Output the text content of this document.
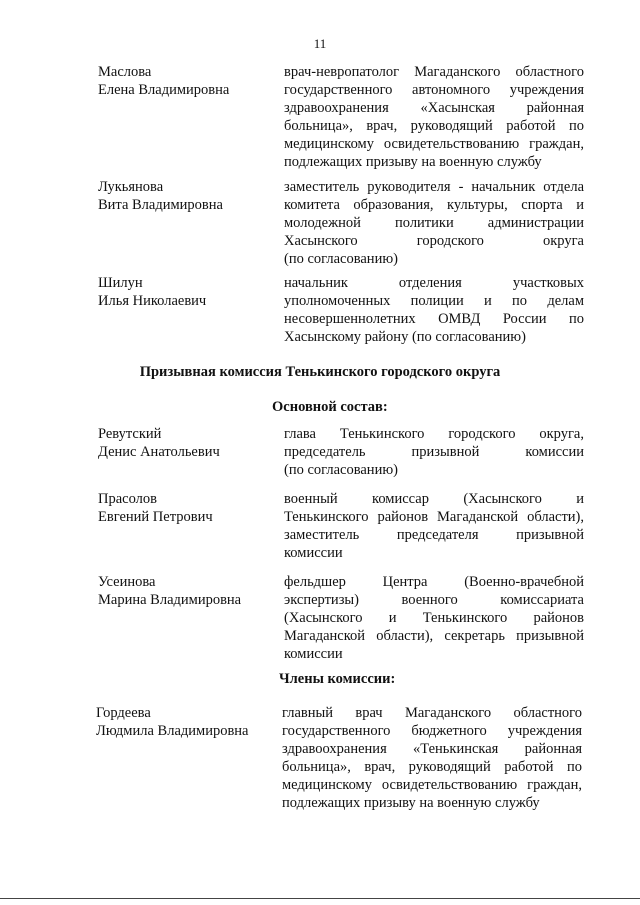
11
Маслова
Елена Владимировна
врач-невропатолог Магаданского областного
государственного автономного учреждения
здравоохранения «Хасынская районная
больница», врач, руководящий работой по
медицинскому освидетельствованию граждан,
подлежащих призыву на военную службу
Лукьянова
Вита Владимировна
заместитель руководителя - начальник отдела
комитета образования, культуры, спорта и
молодежной политики администрации
Хасынского городского округа
(по согласованию)
Шилун
Илья Николаевич
начальник отделения участковых
уполномоченных полиции и по делам
несовершеннолетних ОМВД России по
Хасынскому району (по согласованию)
Призывная комиссия Тенькинского городского округа
Основной состав:
Ревутский
Денис Анатольевич
глава Тенькинского городского округа,
председатель призывной комиссии
(по согласованию)
Прасолов
Евгений Петрович
военный комиссар (Хасынского и
Тенькинского районов Магаданской области),
заместитель председателя призывной
комиссии
Усеинова
Марина Владимировна
фельдшер Центра (Военно-врачебной
экспертизы) военного комиссариата
(Хасынского и Тенькинского районов
Магаданской области), секретарь призывной
комиссии
Члены комиссии:
Гордеева
Людмила Владимировна
главный врач Магаданского областного
государственного бюджетного учреждения
здравоохранения «Тенькинская районная
больница», врач, руководящий работой по
медицинскому освидетельствованию граждан,
подлежащих призыву на военную службу
